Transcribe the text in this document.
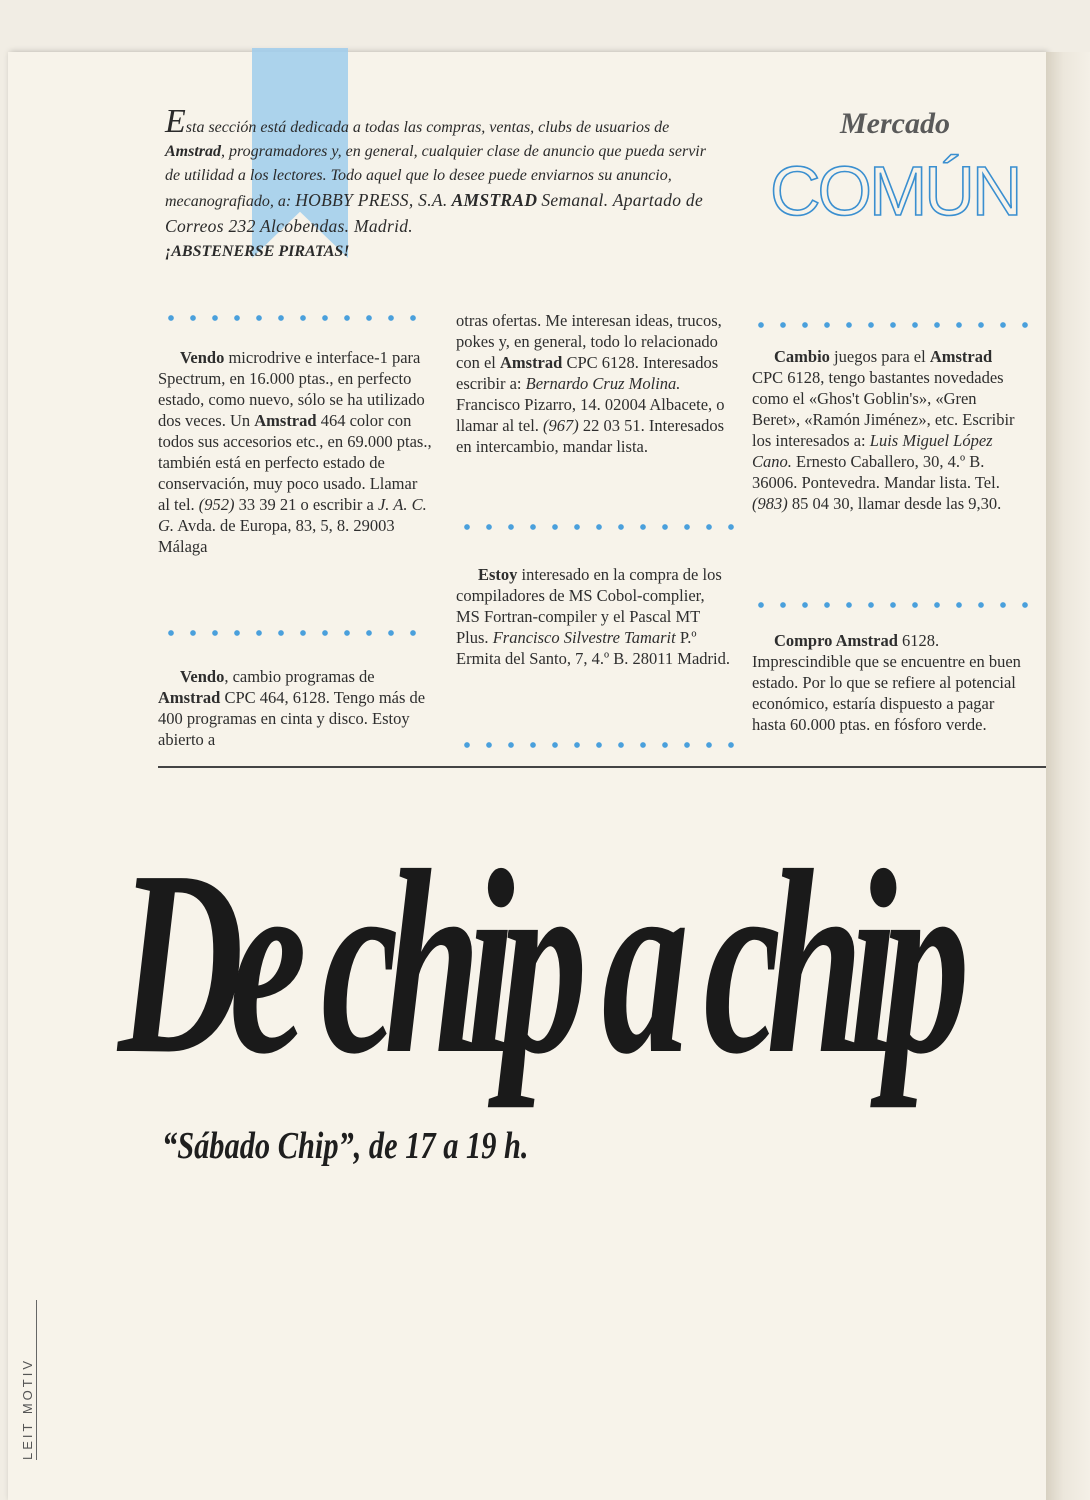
Esta sección está dedicada a todas las compras, ventas, clubs de usuarios de Amstrad, programadores y, en general, cualquier clase de anuncio que pueda servir de utilidad a los lectores. Todo aquel que lo desee puede enviarnos su anuncio, mecanografiado, a: HOBBY PRESS, S.A. AMSTRAD Semanal. Apartado de Correos 232 Alcobendas. Madrid.
¡ABSTENERSE PIRATAS!
Mercado
COMÚN

Vendo microdrive e interface-1 para Spectrum, en 16.000 ptas., en perfecto estado, como nuevo, sólo se ha utilizado dos veces. Un Amstrad 464 color con todos sus accesorios etc., en 69.000 ptas., también está en perfecto estado de conservación, muy poco usado. Llamar al tel. (952) 33 39 21 o escribir a J. A. C. G. Avda. de Europa, 83, 5, 8. 29003 Málaga

Vendo, cambio programas de Amstrad CPC 464, 6128. Tengo más de 400 programas en cinta y disco. Estoy abierto a

otras ofertas. Me interesan ideas, trucos, pokes y, en general, todo lo relacionado con el Amstrad CPC 6128. Interesados escribir a: Bernardo Cruz Molina. Francisco Pizarro, 14. 02004 Albacete, o llamar al tel. (967) 22 03 51. Interesados en intercambio, mandar lista.

Estoy interesado en la compra de los compiladores de MS Cobol-complier, MS Fortran-compiler y el Pascal MT Plus. Francisco Silvestre Tamarit P.º Ermita del Santo, 7, 4.º B. 28011 Madrid.

Cambio juegos para el Amstrad CPC 6128, tengo bastantes novedades como el «Ghos't Goblin's», «Gren Beret», «Ramón Jiménez», etc. Escribir los interesados a: Luis Miguel López Cano. Ernesto Caballero, 30, 4.º B. 36006. Pontevedra. Mandar lista. Tel. (983) 85 04 30, llamar desde las 9,30.

Compro Amstrad 6128. Imprescindible que se encuentre en buen estado. Por lo que se refiere al potencial económico, estaría dispuesto a pagar hasta 60.000 ptas. en fósforo verde.

De chip a chip
“Sábado Chip”, de 17 a 19 h.
LEIT MOTIV
